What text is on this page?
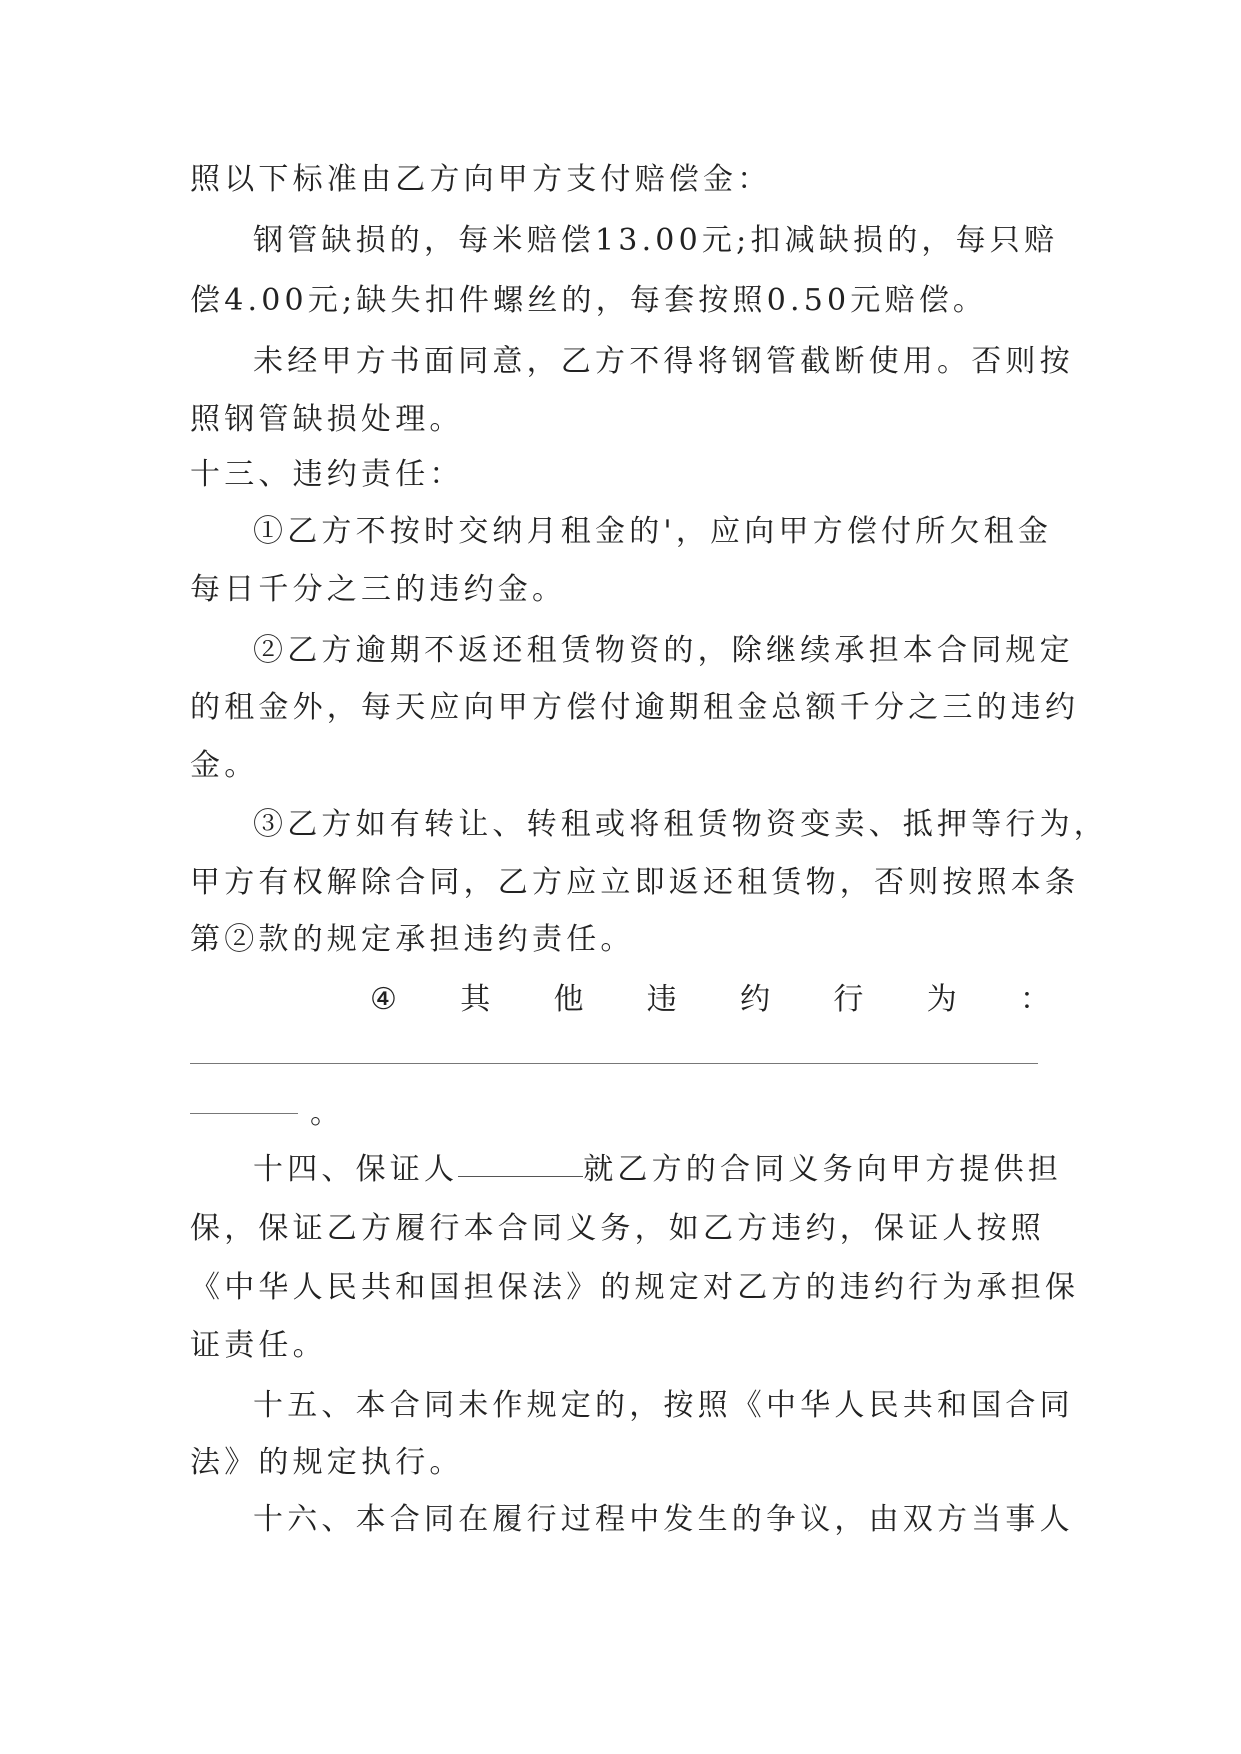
照以下标准由乙方向甲方支付赔偿金：
钢管缺损的，每米赔偿13.00元;扣减缺损的，每只赔
偿4.00元;缺失扣件螺丝的，每套按照0.50元赔偿。
未经甲方书面同意，乙方不得将钢管截断使用。否则按
照钢管缺损处理。
十三、违约责任：
①乙方不按时交纳月租金的'，应向甲方偿付所欠租金
每日千分之三的违约金。
②乙方逾期不返还租赁物资的，除继续承担本合同规定
的租金外，每天应向甲方偿付逾期租金总额千分之三的违约
金。
③乙方如有转让、转租或将租赁物资变卖、抵押等行为，
甲方有权解除合同，乙方应立即返还租赁物，否则按照本条
第②款的规定承担违约责任。
④ 其 他 违 约 行 为 ：
。
十四、保证人	就乙方的合同义务向甲方提供担
保，保证乙方履行本合同义务，如乙方违约，保证人按照
《中华人民共和国担保法》的规定对乙方的违约行为承担保
证责任。
十五、本合同未作规定的，按照《中华人民共和国合同
法》的规定执行。
十六、本合同在履行过程中发生的争议，由双方当事人
